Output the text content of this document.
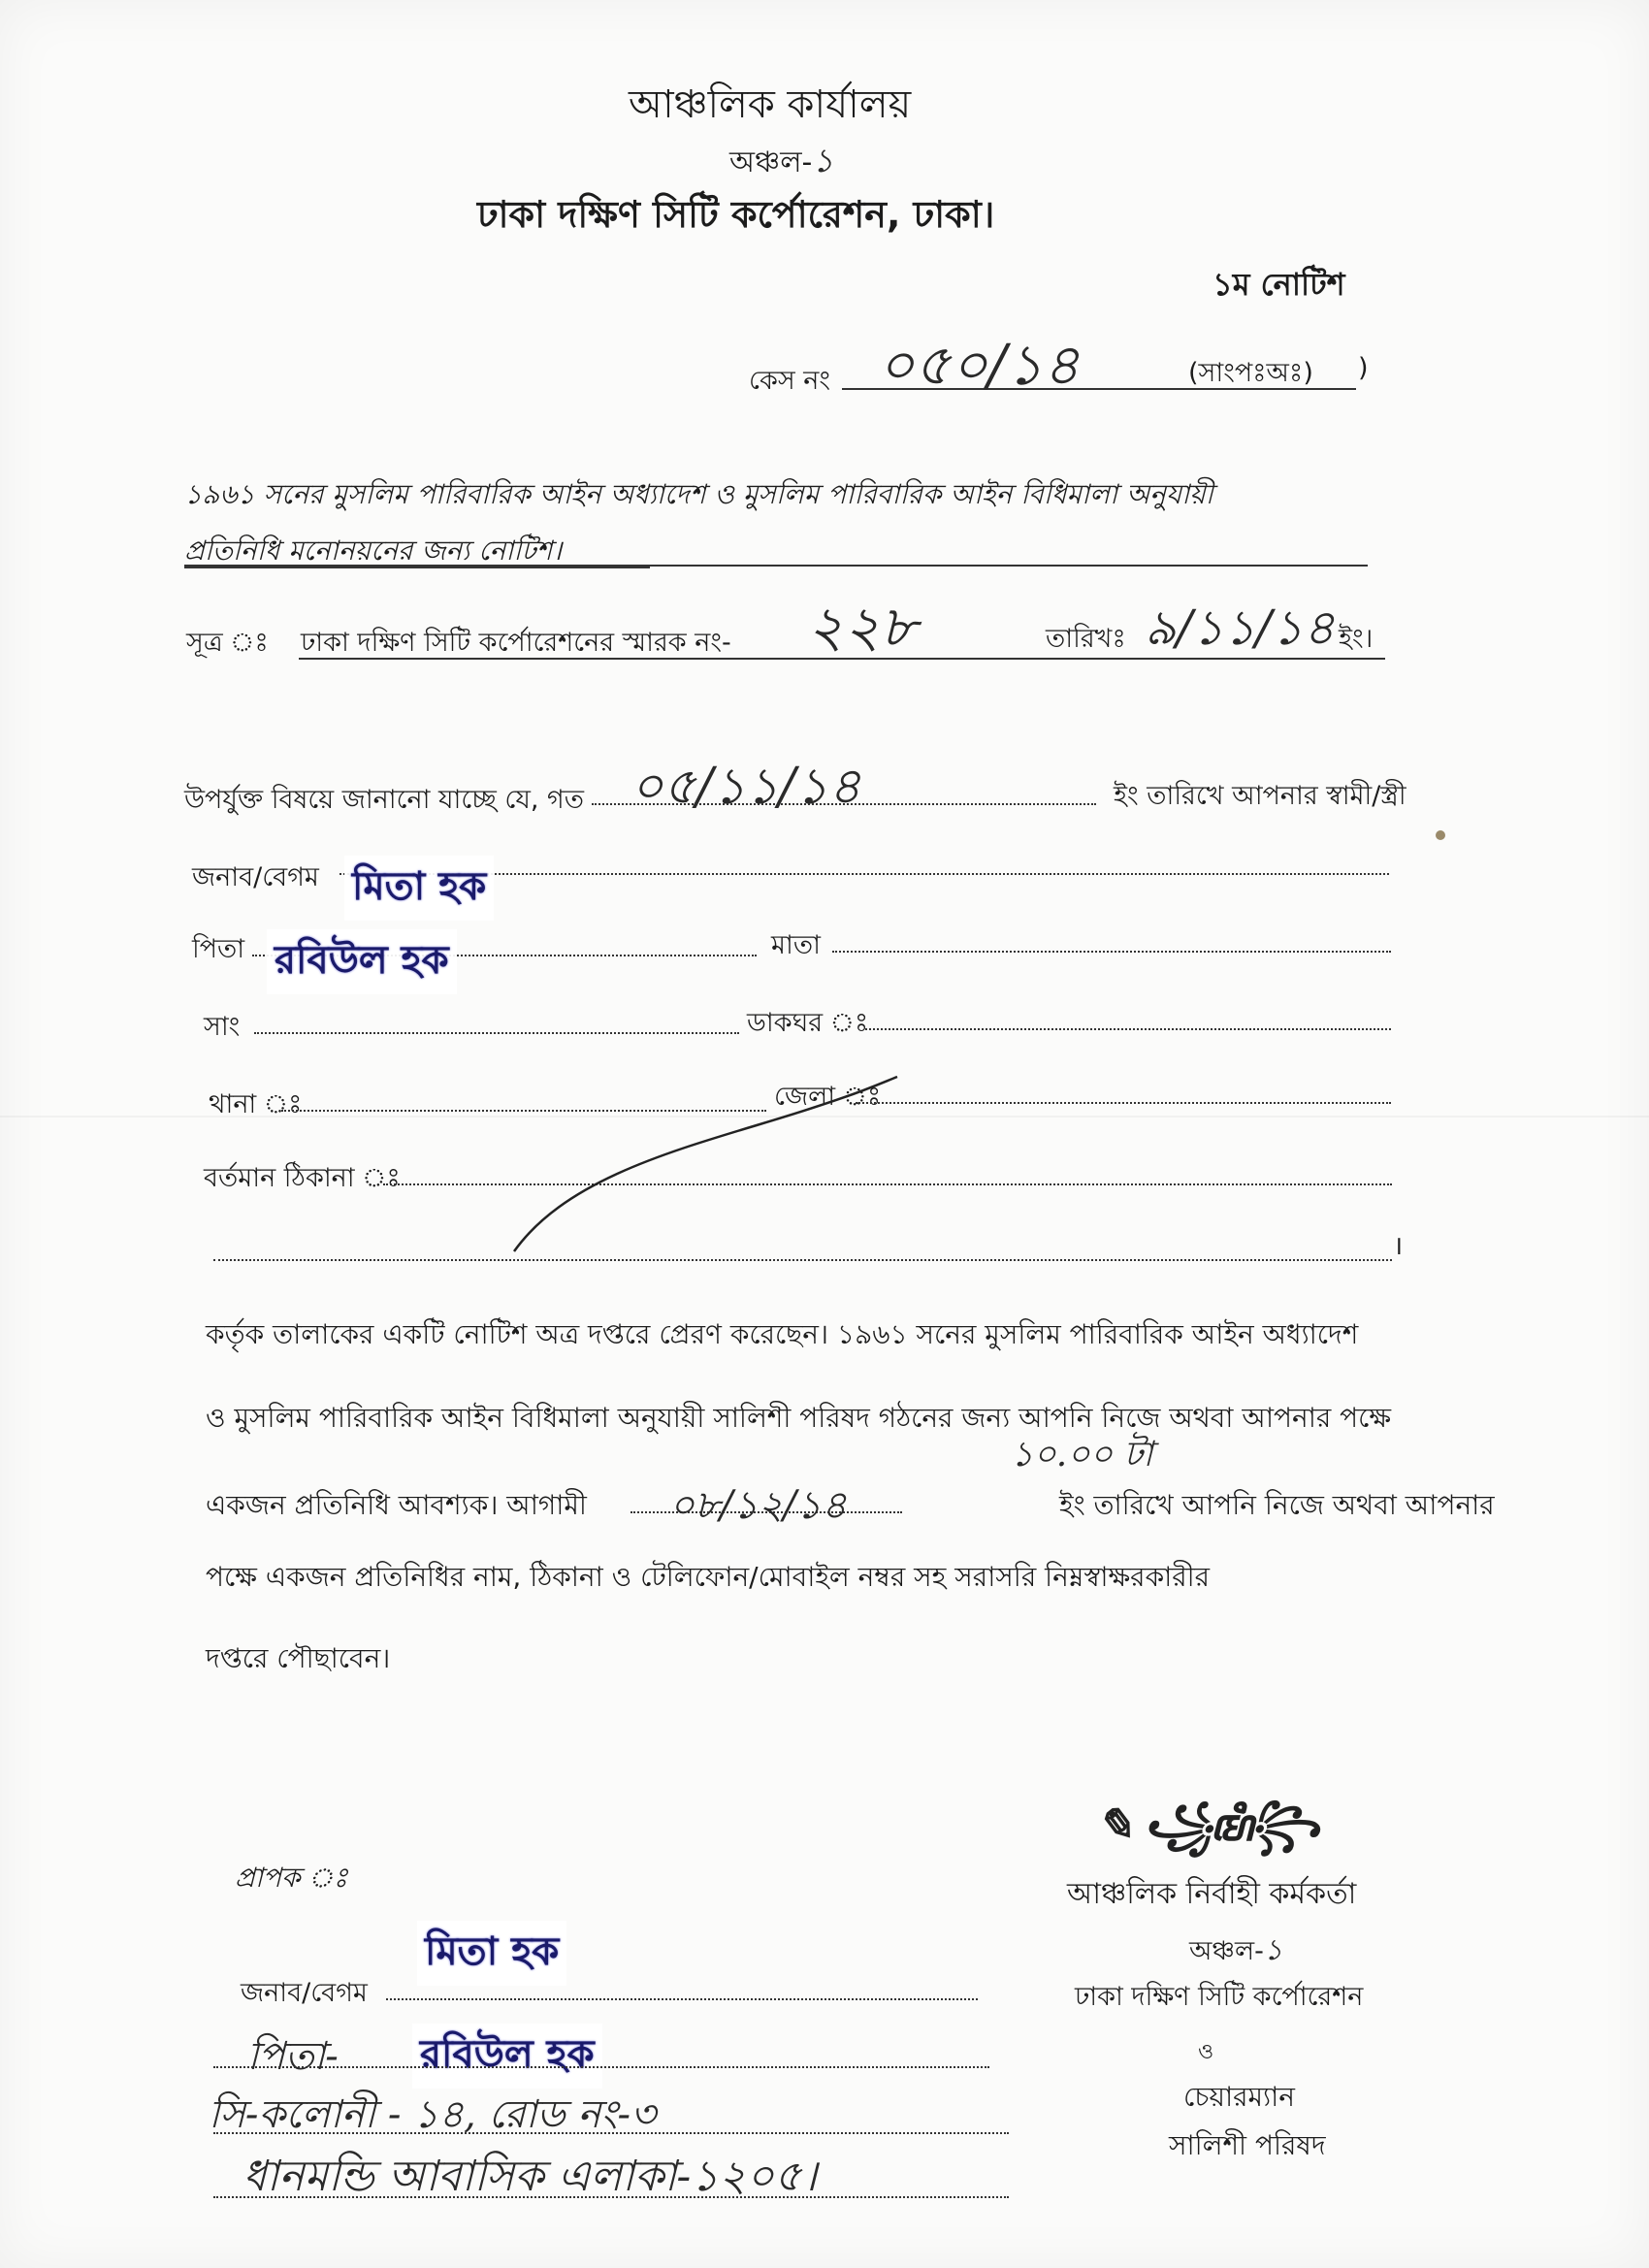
আঞ্চলিক কার্যালয়
অঞ্চল-১
ঢাকা দক্ষিণ সিটি কর্পোরেশন, ঢাকা।
১ম নোটিশ
কেস নং ০৫০/১৪	(সাংপঃঅঃ) )
১৯৬১ সনের মুসলিম পারিবারিক আইন অধ্যাদেশ ও মুসলিম পারিবারিক আইন বিধিমালা অনুযায়ী
প্রতিনিধি মনোনয়নের জন্য নোটিশ।
সূত্র ঃ ঢাকা দক্ষিণ সিটি কর্পোরেশনের স্মারক নং- ২২৮	তারিখঃ ৯/১১/১৪ ইং।
উপর্যুক্ত বিষয়ে জানানো যাচ্ছে যে, গত ০৫/১১/১৪	ইং তারিখে আপনার স্বামী/স্ত্রী
জনাব/বেগম মিতা হক
পিতা রবিউল হক	মাতা
সাং	ডাকঘর ঃ
থানা ঃ	জেলা ঃ
বর্তমান ঠিকানা ঃ
।

কর্তৃক তালাকের একটি নোটিশ অত্র দপ্তরে প্রেরণ করেছেন। ১৯৬১ সনের মুসলিম পারিবারিক আইন অধ্যাদেশ

ও মুসলিম পারিবারিক আইন বিধিমালা অনুযায়ী সালিশী পরিষদ গঠনের জন্য আপনি নিজে অথবা আপনার পক্ষে

একজন প্রতিনিধি আবশ্যক। আগামী	ইং তারিখে আপনি নিজে অথবা আপনার

পক্ষে একজন প্রতিনিধির নাম, ঠিকানা ও টেলিফোন/মোবাইল নম্বর সহ সরাসরি নিম্নস্বাক্ষরকারীর

দপ্তরে পৌছাবেন।

১০.০০ টা
০৮/১২/১৪
✎ ꧁ꦩꦶ꧂
আঞ্চলিক নির্বাহী কর্মকর্তা
অঞ্চল-১
ঢাকা দক্ষিণ সিটি কর্পোরেশন
ও
চেয়ারম্যান
সালিশী পরিষদ
প্রাপক ঃ
মিতা হক
জনাব/বেগম
পিতা- রবিউল হক
সি-কলোনী - ১৪, রোড নং-৩
ধানমন্ডি আবাসিক এলাকা-১২০৫।
